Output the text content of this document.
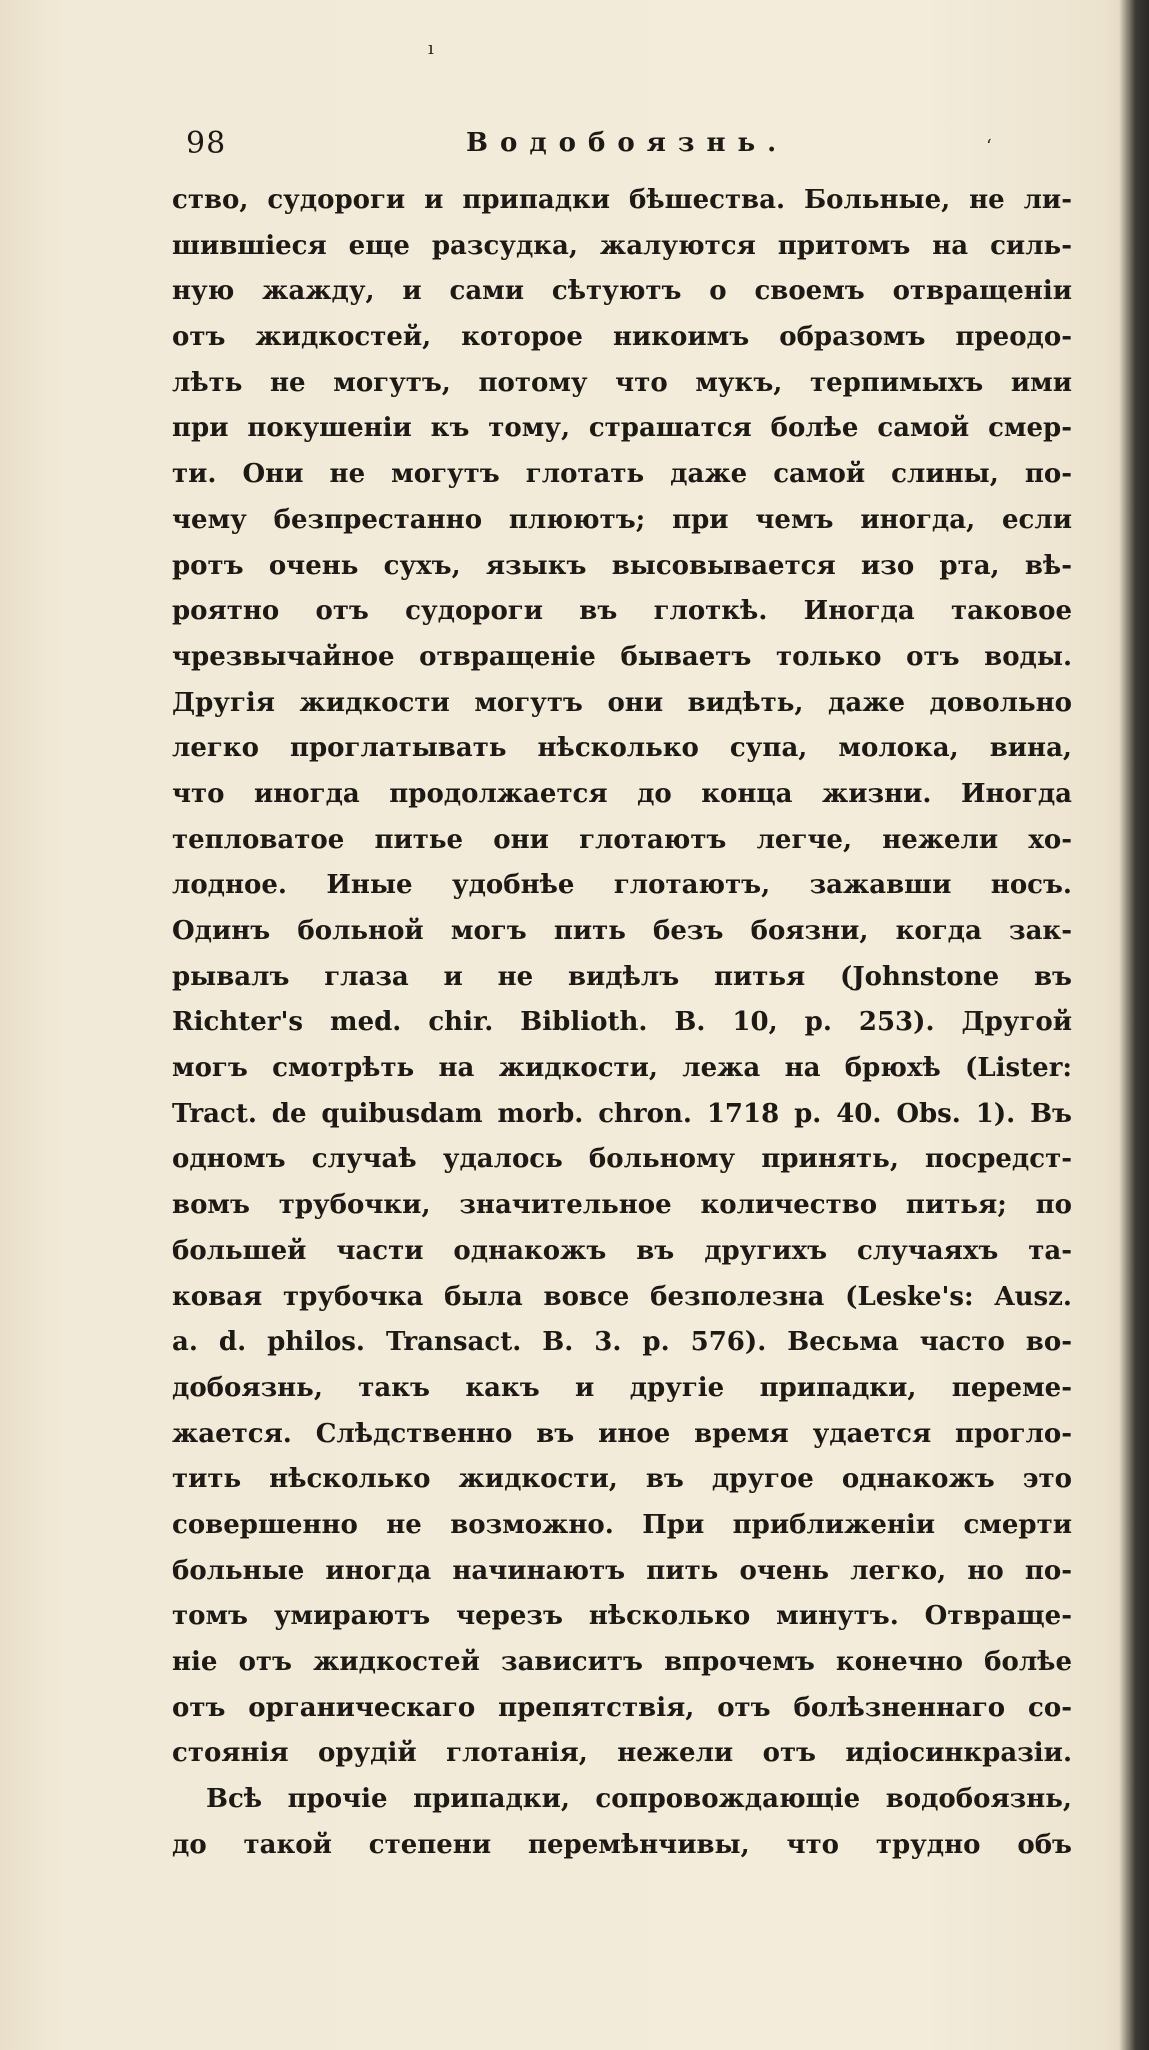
ı
ʻ
98	Водобоязнь.
ство, судороги и припадки бѣшества. Больные, не ли-
шившіеся еще разсудка, жалуются притомъ на силь-
ную жажду, и сами сѣтуютъ о своемъ отвращеніи
отъ жидкостей, которое никоимъ образомъ преодо-
лѣть не могутъ, потому что мукъ, терпимыхъ ими
при покушеніи къ тому, страшатся болѣе самой смер-
ти. Они не могутъ глотать даже самой слины, по-
чему безпрестанно плюютъ; при чемъ иногда, если
ротъ очень сухъ, языкъ высовывается изо рта, вѣ-
роятно отъ судороги въ глоткѣ. Иногда таковое
чрезвычайное отвращеніе бываетъ только отъ воды.
Другія жидкости могутъ они видѣть, даже довольно
легко проглатывать нѣсколько супа, молока, вина,
что иногда продолжается до конца жизни. Иногда
тепловатое питье они глотаютъ легче, нежели хо-
лодное. Иные удобнѣе глотаютъ, зажавши носъ.
Одинъ больной могъ пить безъ боязни, когда зак-
рывалъ глаза и не видѣлъ питья (Johnstone въ
Richter's med. chir. Biblioth. B. 10, p. 253). Другой
могъ смотрѣть на жидкости, лежа на брюхѣ (Lister:
Tract. de quibusdam morb. chron. 1718 p. 40. Obs. 1). Въ
одномъ случаѣ удалось больному принять, посредст-
вомъ трубочки, значительное количество питья; по
большей части однакожъ въ другихъ случаяхъ та-
ковая трубочка была вовсе безполезна (Leske's: Ausz.
a. d. philos. Transact. B. 3. p. 576). Весьма часто во-
добоязнь, такъ какъ и другіе припадки, переме-
жается. Слѣдственно въ иное время удается прогло-
тить нѣсколько жидкости, въ другое однакожъ это
совершенно не возможно. При приближеніи смерти
больные иногда начинаютъ пить очень легко, но по-
томъ умираютъ черезъ нѣсколько минутъ. Отвраще-
ніе отъ жидкостей зависитъ впрочемъ конечно болѣе
отъ органическаго препятствія, отъ болѣзненнаго со-
стоянія орудій глотанія, нежели отъ идіосинкразіи.
Всѣ прочіе припадки, сопровождающіе водобоязнь,
до такой степени перемѣнчивы, что трудно объ
